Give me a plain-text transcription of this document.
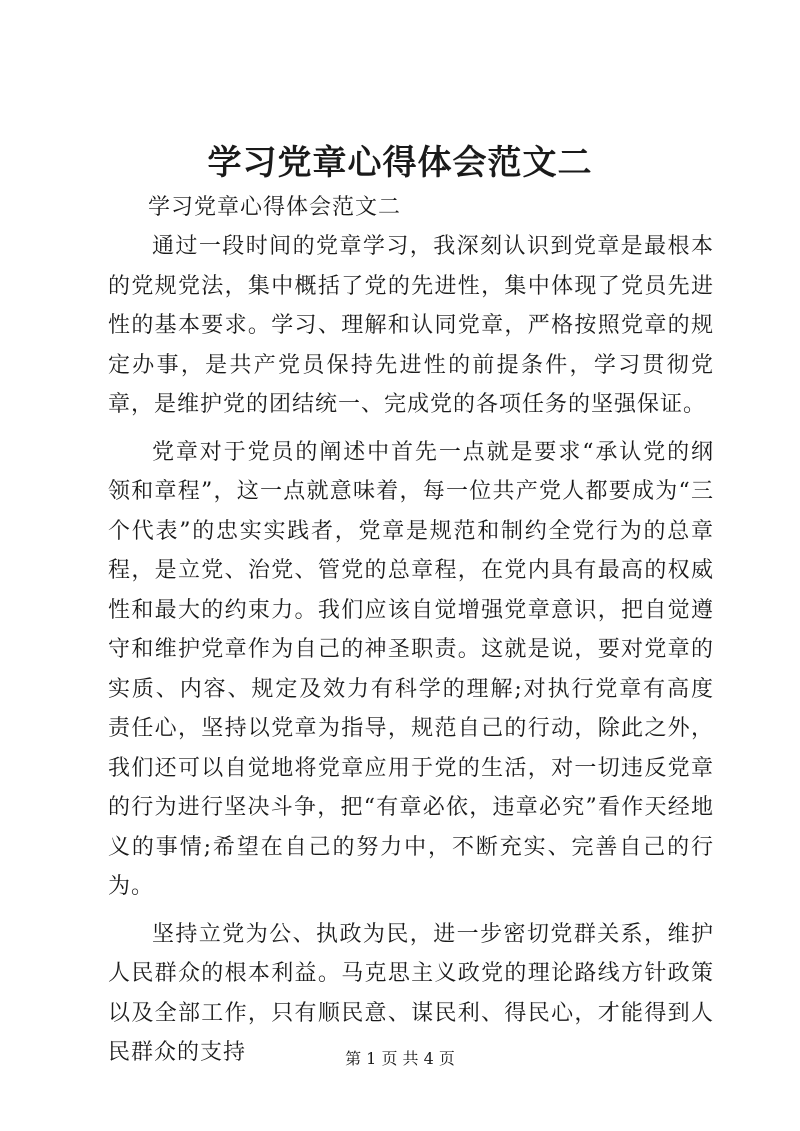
学习党章心得体会范文二

学习党章心得体会范文二

通过一段时间的党章学习，我深刻认识到党章是最根本的党规党法，集中概括了党的先进性，集中体现了党员先进性的基本要求。学习、理解和认同党章，严格按照党章的规定办事，是共产党员保持先进性的前提条件，学习贯彻党章，是维护党的团结统一、完成党的各项任务的坚强保证。

党章对于党员的阐述中首先一点就是要求“承认党的纲领和章程”，这一点就意味着，每一位共产党人都要成为“三个代表”的忠实实践者，党章是规范和制约全党行为的总章程，是立党、治党、管党的总章程，在党内具有最高的权威性和最大的约束力。我们应该自觉增强党章意识，把自觉遵守和维护党章作为自己的神圣职责。这就是说，要对党章的实质、内容、规定及效力有科学的理解;对执行党章有高度责任心，坚持以党章为指导，规范自己的行动，除此之外，我们还可以自觉地将党章应用于党的生活，对一切违反党章的行为进行坚决斗争，把“有章必依，违章必究”看作天经地义的事情;希望在自己的努力中，不断充实、完善自己的行为。

坚持立党为公、执政为民，进一步密切党群关系，维护人民群众的根本利益。马克思主义政党的理论路线方针政策以及全部工作，只有顺民意、谋民利、得民心，才能得到人民群众的支持	第 1 页 共 4 页
